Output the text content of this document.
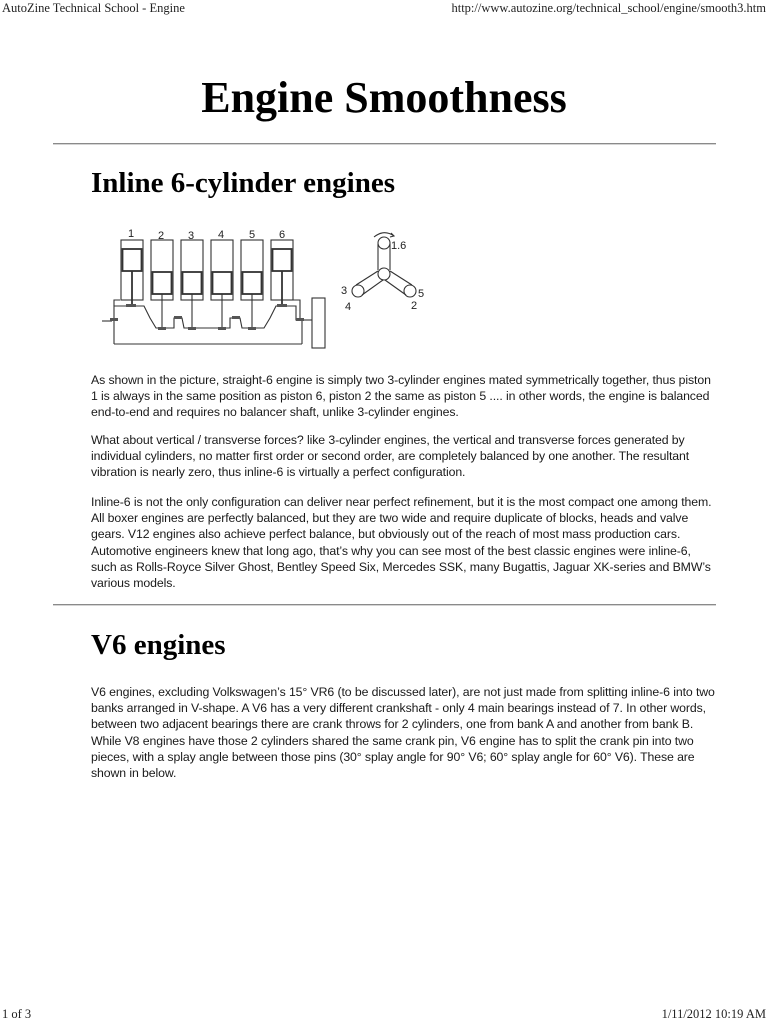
AutoZine Technical School - Engine	http://www.autozine.org/technical_school/engine/smooth3.htm
Engine Smoothness
Inline 6-cylinder engines
1 2 3 4 5 6
1.6
3
4
5
2

As shown in the picture, straight-6 engine is simply two 3-cylinder engines mated symmetrically together, thus piston 1 is always in the same position as piston 6, piston 2 the same as piston 5 .... in other words, the engine is balanced end-to-end and requires no balancer shaft, unlike 3-cylinder engines.

What about vertical / transverse forces? like 3-cylinder engines, the vertical and transverse forces generated by individual cylinders, no matter first order or second order, are completely balanced by one another. The resultant vibration is nearly zero, thus inline-6 is virtually a perfect configuration.

Inline-6 is not the only configuration can deliver near perfect refinement, but it is the most compact one among them. All boxer engines are perfectly balanced, but they are two wide and require duplicate of blocks, heads and valve gears. V12 engines also achieve perfect balance, but obviously out of the reach of most mass production cars. Automotive engineers knew that long ago, that’s why you can see most of the best classic engines were inline-6, such as Rolls-Royce Silver Ghost, Bentley Speed Six, Mercedes SSK, many Bugattis, Jaguar XK-series and BMW’s various models.

V6 engines

V6 engines, excluding Volkswagen’s 15° VR6 (to be discussed later), are not just made from splitting inline-6 into two banks arranged in V-shape. A V6 has a very different crankshaft - only 4 main bearings instead of 7. In other words, between two adjacent bearings there are crank throws for 2 cylinders, one from bank A and another from bank B. While V8 engines have those 2 cylinders shared the same crank pin, V6 engine has to split the crank pin into two pieces, with a splay angle between those pins (30° splay angle for 90° V6; 60° splay angle for 60° V6). These are shown in below.

1 of 3	1/11/2012 10:19 AM
